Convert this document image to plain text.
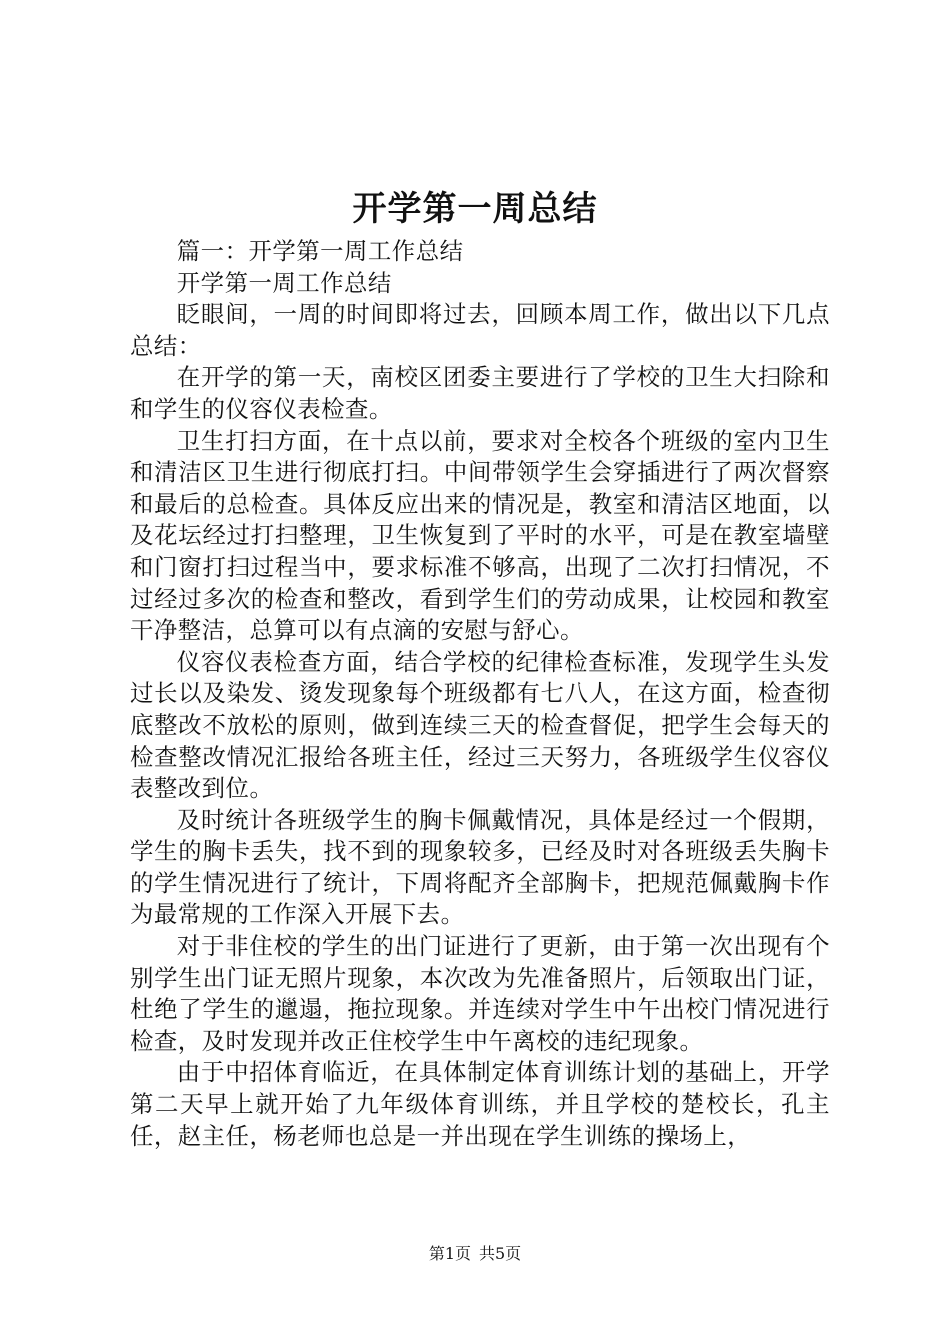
开学第一周总结

篇一：开学第一周工作总结

开学第一周工作总结

眨眼间，一周的时间即将过去，回顾本周工作，做出以下几点总结：

在开学的第一天，南校区团委主要进行了学校的卫生大扫除和和学生的仪容仪表检查。

卫生打扫方面，在十点以前，要求对全校各个班级的室内卫生和清洁区卫生进行彻底打扫。中间带领学生会穿插进行了两次督察和最后的总检查。具体反应出来的情况是，教室和清洁区地面，以及花坛经过打扫整理，卫生恢复到了平时的水平，可是在教室墙壁和门窗打扫过程当中，要求标准不够高，出现了二次打扫情况，不过经过多次的检查和整改，看到学生们的劳动成果，让校园和教室干净整洁，总算可以有点滴的安慰与舒心。

仪容仪表检查方面，结合学校的纪律检查标准，发现学生头发过长以及染发、烫发现象每个班级都有七八人，在这方面，检查彻底整改不放松的原则，做到连续三天的检查督促，把学生会每天的检查整改情况汇报给各班主任，经过三天努力，各班级学生仪容仪表整改到位。

及时统计各班级学生的胸卡佩戴情况，具体是经过一个假期，学生的胸卡丢失，找不到的现象较多，已经及时对各班级丢失胸卡的学生情况进行了统计，下周将配齐全部胸卡，把规范佩戴胸卡作为最常规的工作深入开展下去。

对于非住校的学生的出门证进行了更新，由于第一次出现有个别学生出门证无照片现象，本次改为先准备照片，后领取出门证，杜绝了学生的邋遢，拖拉现象。并连续对学生中午出校门情况进行检查，及时发现并改正住校学生中午离校的违纪现象。

由于中招体育临近，在具体制定体育训练计划的基础上，开学第二天早上就开始了九年级体育训练，并且学校的楚校长，孔主任，赵主任，杨老师也总是一并出现在学生训练的操场上，

第1页 共5页
